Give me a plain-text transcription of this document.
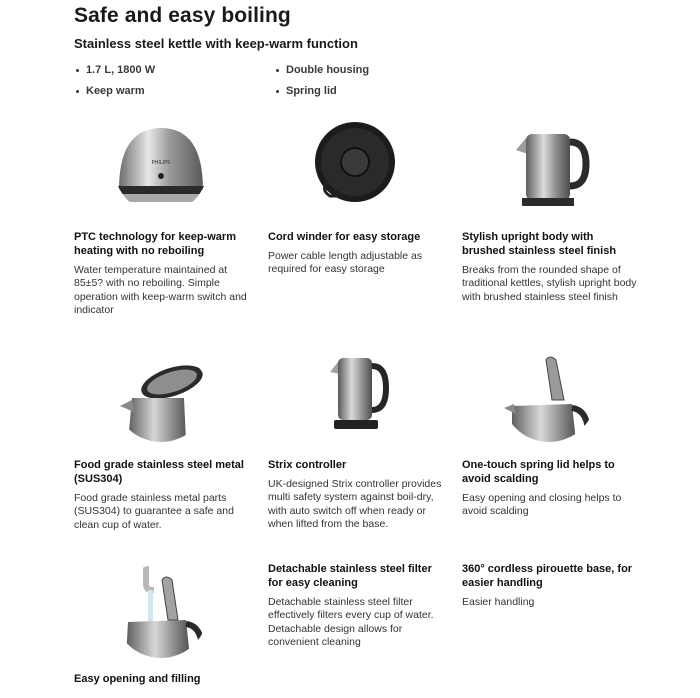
Safe and easy boiling
Stainless steel kettle with keep-warm function
1.7 L, 1800 W	Double housing
Keep warm	Spring lid
PHILIPS
PTC technology for keep-warm heating with no reboiling

Water temperature maintained at 85±5? with no reboiling. Simple operation with keep-warm switch and indicator

Cord winder for easy storage

Power cable length adjustable as required for easy storage

Stylish upright body with brushed stainless steel finish

Breaks from the rounded shape of traditional kettles, stylish upright body with brushed stainless steel finish

Food grade stainless steel metal (SUS304)

Food grade stainless metal parts (SUS304) to guarantee a safe and clean cup of water.

Strix controller

UK-designed Strix controller provides multi safety system against boil-dry, with auto switch off when ready or when lifted from the base.

One-touch spring lid helps to avoid scalding

Easy opening and closing helps to avoid scalding

Detachable stainless steel filter for easy cleaning

Detachable stainless steel filter effectively filters every cup of water. Detachable design allows for convenient cleaning

360° cordless pirouette base, for easier handling

Easier handling

Easy opening and filling
